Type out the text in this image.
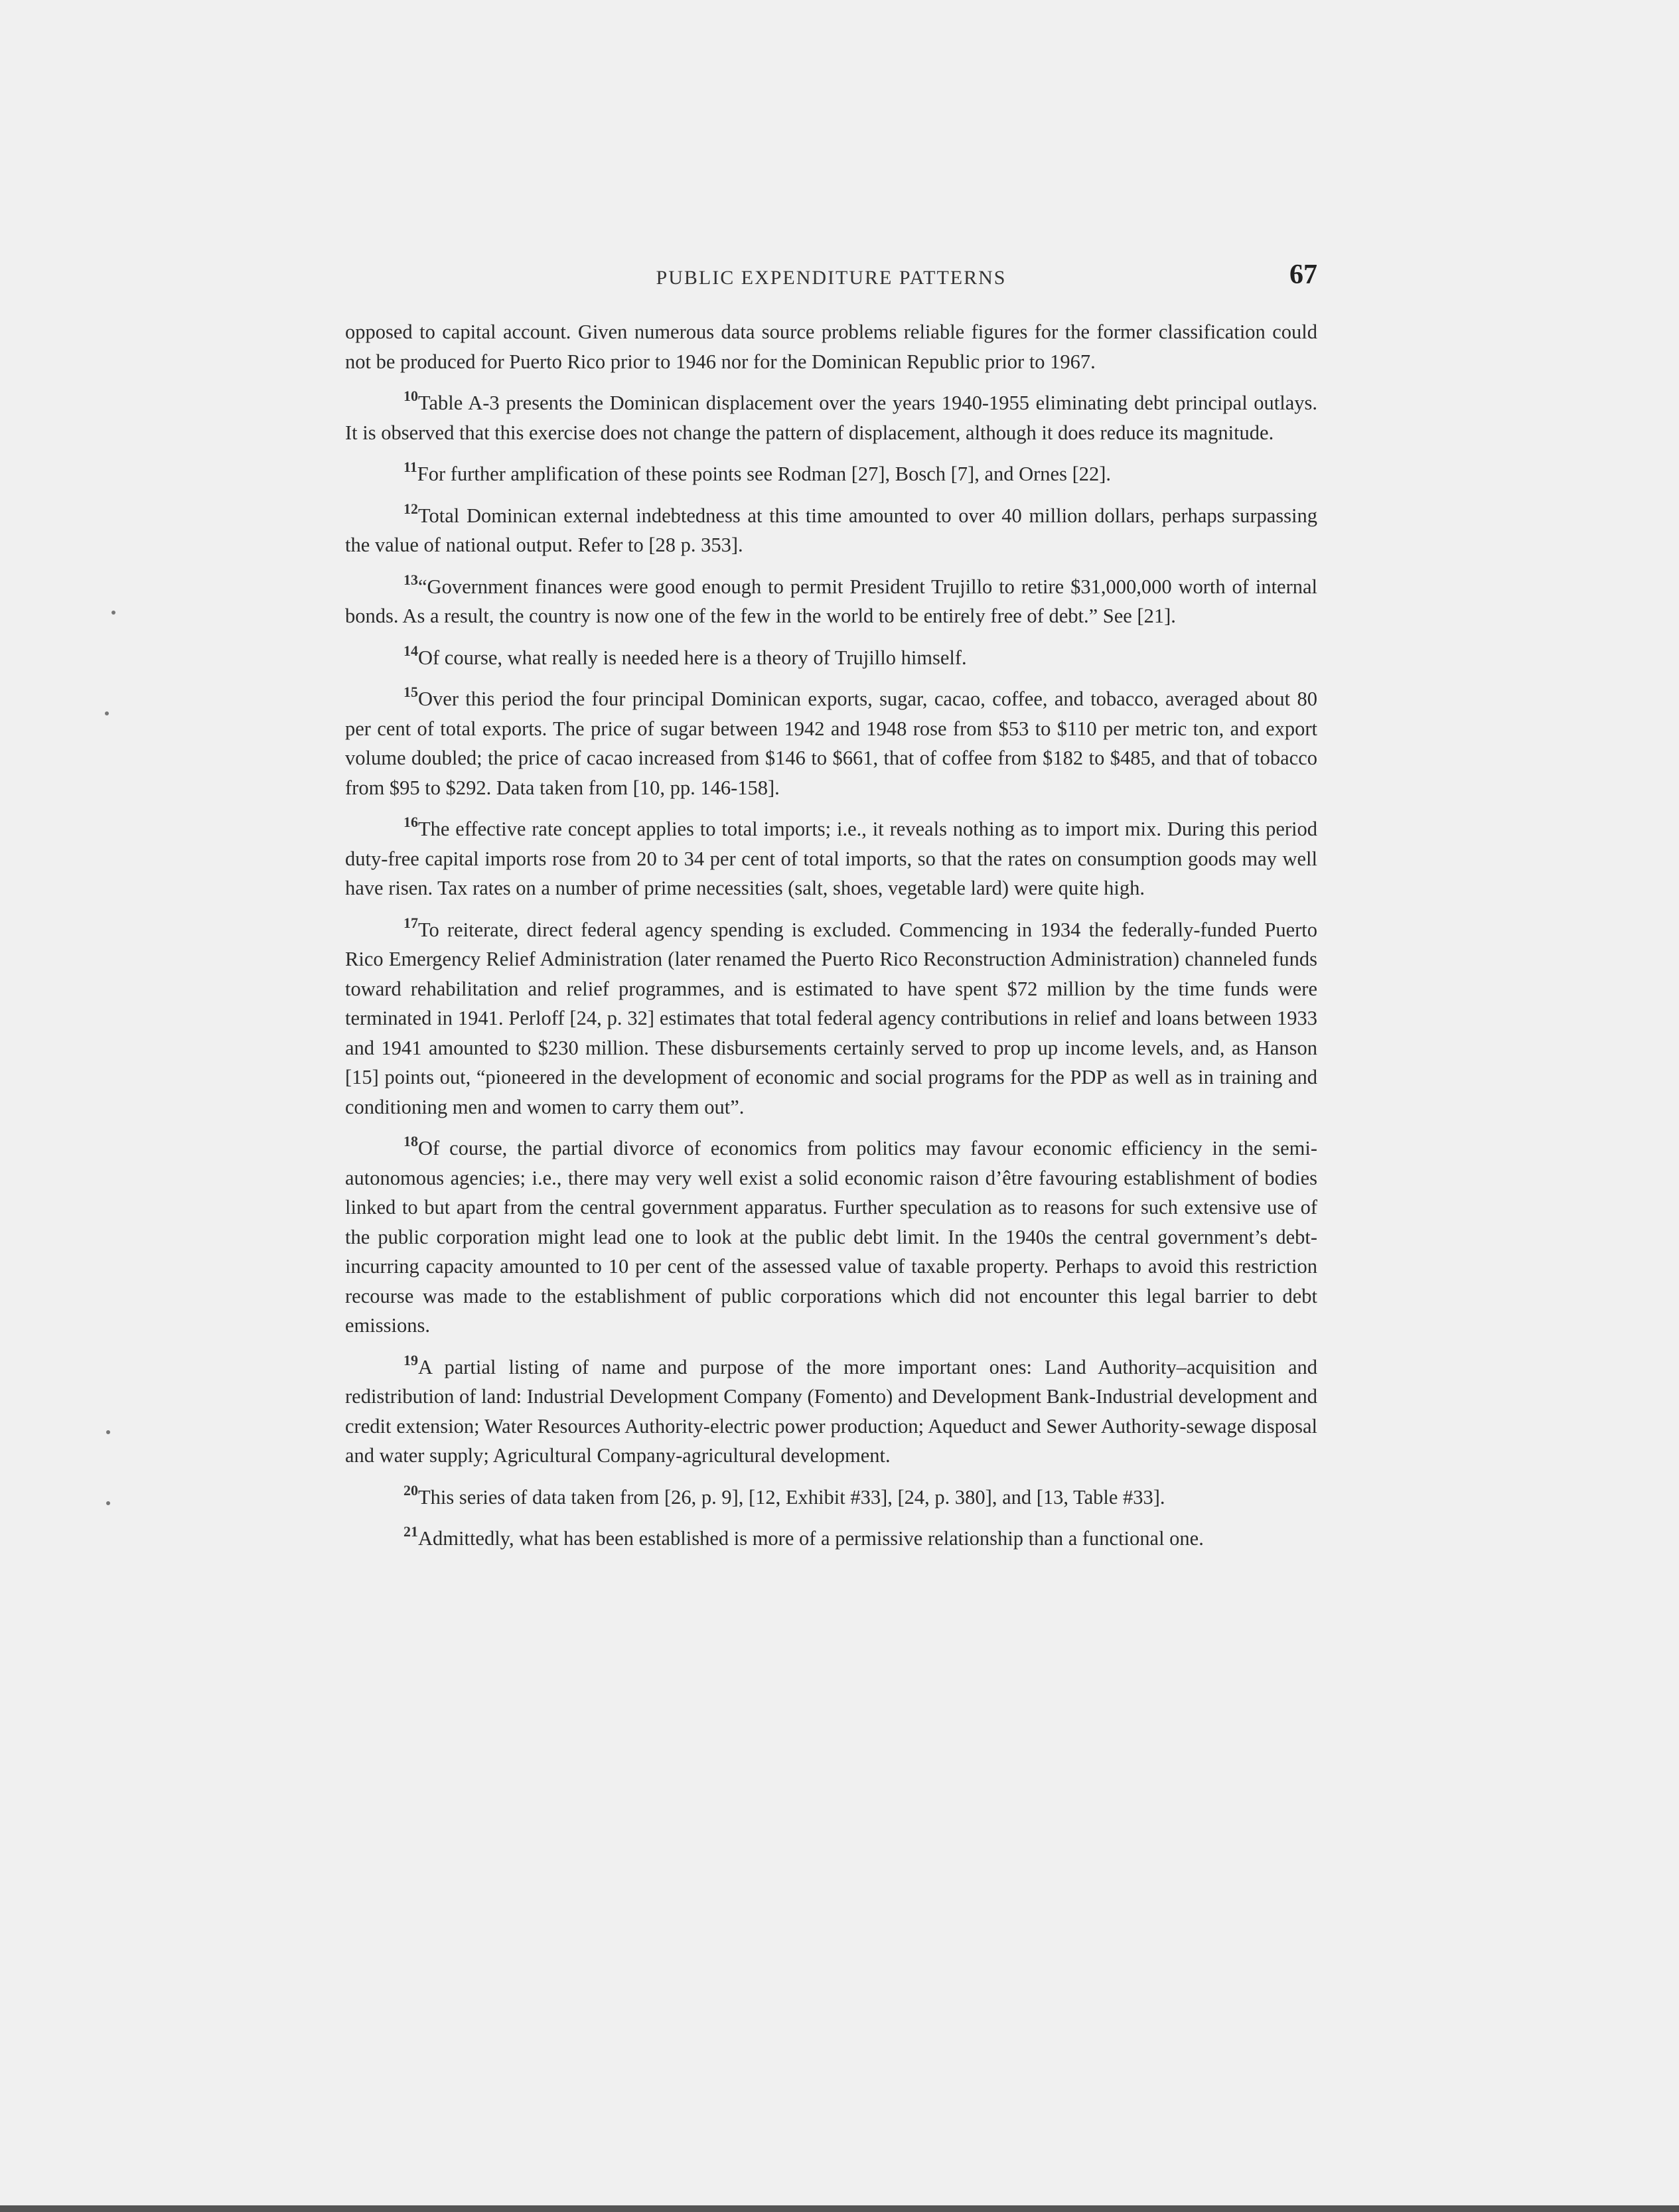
PUBLIC EXPENDITURE PATTERNS	67

opposed to capital account. Given numerous data source problems reliable figures for the former classification could not be produced for Puerto Rico prior to 1946 nor for the Dominican Republic prior to 1967.

$^{10}$Table A-3 presents the Dominican displacement over the years 1940-1955 eliminating debt principal outlays. It is observed that this exercise does not change the pattern of displacement, although it does reduce its magnitude.

$^{11}$For further amplification of these points see Rodman [27], Bosch [7], and Ornes [22].

$^{12}$Total Dominican external indebtedness at this time amounted to over 40 million dollars, perhaps surpassing the value of national output. Refer to [28 p. 353].

$^{13}$“Government finances were good enough to permit President Trujillo to retire $31,000,000 worth of internal bonds. As a result, the country is now one of the few in the world to be entirely free of debt.” See [21].

$^{14}$Of course, what really is needed here is a theory of Trujillo himself.

$^{15}$Over this period the four principal Dominican exports, sugar, cacao, coffee, and tobacco, averaged about 80 per cent of total exports. The price of sugar between 1942 and 1948 rose from $53 to $110 per metric ton, and export volume doubled; the price of cacao increased from $146 to $661, that of coffee from $182 to $485, and that of tobacco from $95 to $292. Data taken from [10, pp. 146-158].

$^{16}$The effective rate concept applies to total imports; i.e., it reveals nothing as to import mix. During this period duty-free capital imports rose from 20 to 34 per cent of total imports, so that the rates on consumption goods may well have risen. Tax rates on a number of prime necessities (salt, shoes, vegetable lard) were quite high.

$^{17}$To reiterate, direct federal agency spending is excluded. Commencing in 1934 the federally-funded Puerto Rico Emergency Relief Administration (later renamed the Puerto Rico Reconstruction Administration) channeled funds toward rehabilitation and relief programmes, and is estimated to have spent $72 million by the time funds were terminated in 1941. Perloff [24, p. 32] estimates that total federal agency contributions in relief and loans between 1933 and 1941 amounted to $230 million. These disbursements certainly served to prop up income levels, and, as Hanson [15] points out, “pioneered in the development of economic and social programs for the PDP as well as in training and conditioning men and women to carry them out”.

$^{18}$Of course, the partial divorce of economics from politics may favour economic efficiency in the semi-autonomous agencies; i.e., there may very well exist a solid economic raison d’être favouring establishment of bodies linked to but apart from the central government apparatus. Further speculation as to reasons for such extensive use of the public corporation might lead one to look at the public debt limit. In the 1940s the central government’s debt-incurring capacity amounted to 10 per cent of the assessed value of taxable property. Perhaps to avoid this restriction recourse was made to the establishment of public corporations which did not encounter this legal barrier to debt emissions.

$^{19}$A partial listing of name and purpose of the more important ones: Land Authority–acquisition and redistribution of land: Industrial Development Company (Fomento) and Development Bank-Industrial development and credit extension; Water Resources Authority-electric power production; Aqueduct and Sewer Authority-sewage disposal and water supply; Agricultural Company-agricultural development.

$^{20}$This series of data taken from [26, p. 9], [12, Exhibit #33], [24, p. 380], and [13, Table #33].

$^{21}$Admittedly, what has been established is more of a permissive relationship than a functional one.
